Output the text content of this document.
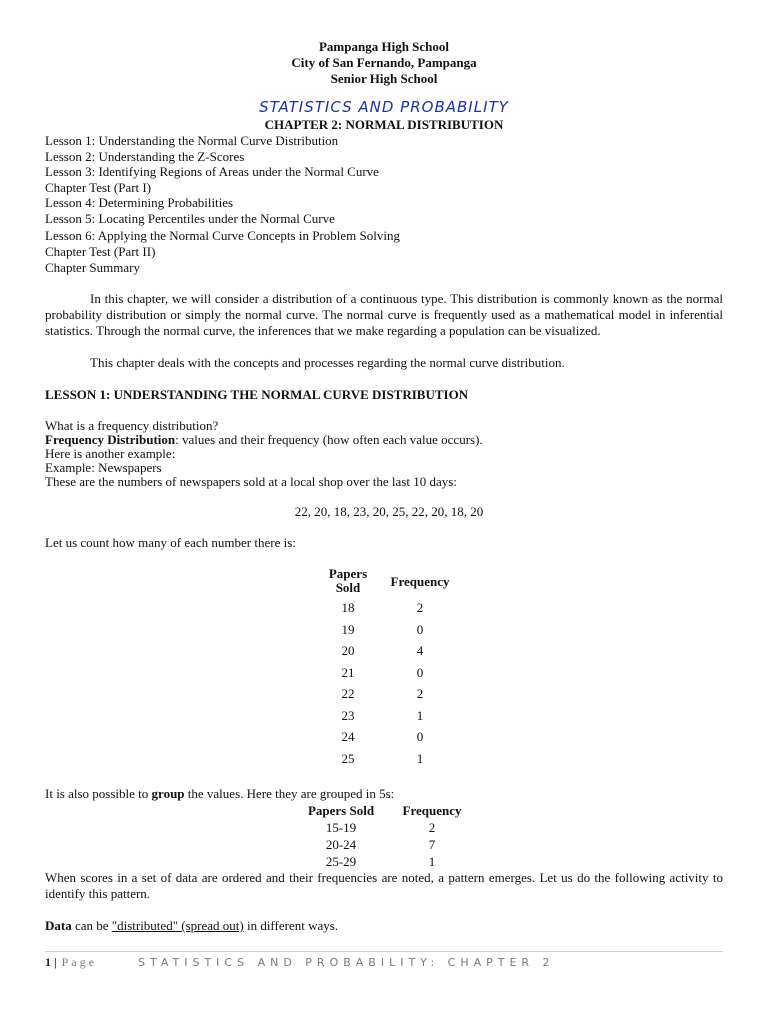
Pampanga High School

City of San Fernando, Pampanga

Senior High School

STATISTICS AND PROBABILITY

CHAPTER 2: NORMAL DISTRIBUTION

Lesson 1: Understanding the Normal Curve Distribution

Lesson 2: Understanding the Z-Scores

Lesson 3: Identifying Regions of Areas under the Normal Curve

Chapter Test (Part I)

Lesson 4: Determining Probabilities

Lesson 5: Locating Percentiles under the Normal Curve

Lesson 6: Applying the Normal Curve Concepts in Problem Solving

Chapter Test (Part II)

Chapter Summary

In this chapter, we will consider a distribution of a continuous type. This distribution is commonly known as the normal probability distribution or simply the normal curve. The normal curve is frequently used as a mathematical model in inferential statistics. Through the normal curve, the inferences that we make regarding a population can be visualized.

This chapter deals with the concepts and processes regarding the normal curve distribution.

LESSON 1: UNDERSTANDING THE NORMAL CURVE DISTRIBUTION

What is a frequency distribution?

Frequency Distribution: values and their frequency (how often each value occurs).

Here is another example:

Example: Newspapers

These are the numbers of newspapers sold at a local shop over the last 10 days:

22, 20, 18, 23, 20, 25, 22, 20, 18, 20

Let us count how many of each number there is:

Papers
Sold	Frequency
18	2
19	0
20	4
21	0
22	2
23	1
24	0
25	1

It is also possible to group the values. Here they are grouped in 5s:

Papers Sold	Frequency
15-19	2
20-24	7
25-29	1

When scores in a set of data are ordered and their frequencies are noted, a pattern emerges. Let us do the following activity to identify this pattern.

Data can be "distributed" (spread out) in different ways.

1 | Page	STATISTICS AND PROBABILITY: CHAPTER 2
